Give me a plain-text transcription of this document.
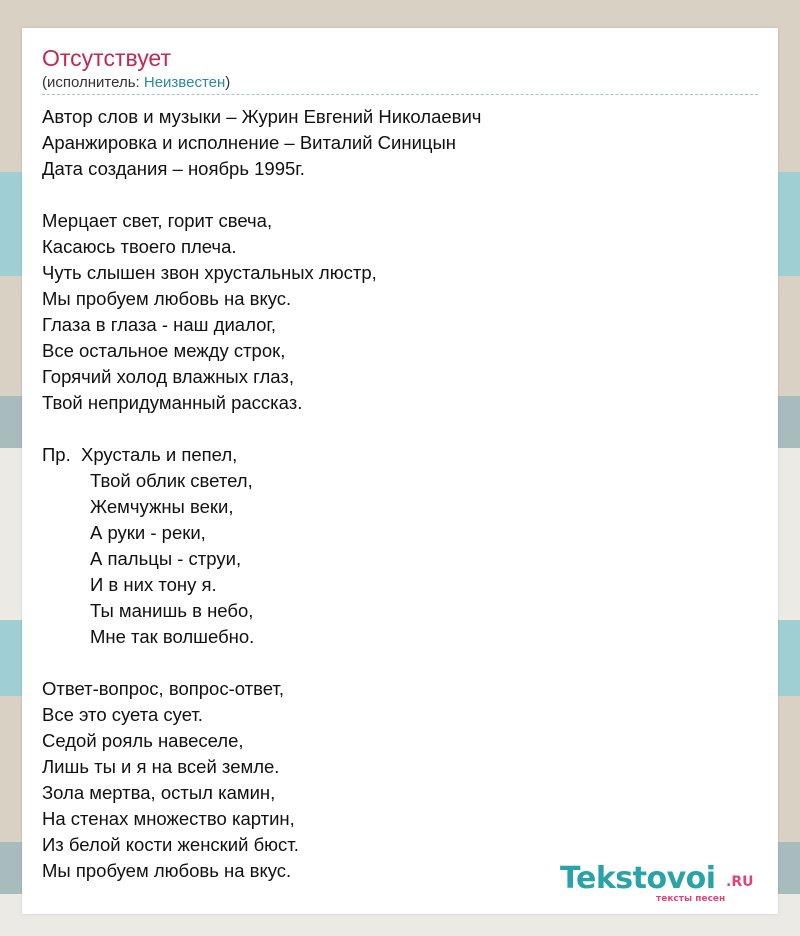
Отсутствует
(исполнитель: Неизвестен)
Автор слов и музыки – Журин Евгений Николаевич
Аранжировка и исполнение – Виталий Синицын
Дата создания – ноябрь 1995г.
Мерцает свет, горит свеча,
Касаюсь твоего плеча.
Чуть слышен звон хрустальных люстр,
Мы пробуем любовь на вкус.
Глаза в глаза - наш диалог,
Все остальное между строк,
Горячий холод влажных глаз,
Твой непридуманный рассказ.
Пр.  Хрусталь и пепел,
Твой облик светел,
Жемчужны веки,
А руки - реки,
А пальцы - струи,
И в них тону я.
Ты манишь в небо,
Мне так волшебно.
Ответ-вопрос, вопрос-ответ,
Все это суета сует.
Седой рояль навеселе,
Лишь ты и я на всей земле.
Зола мертва, остыл камин,
На стенах множество картин,
Из белой кости женский бюст.
Мы пробуем любовь на вкус.	Tekstovoi .RU
тексты песен
